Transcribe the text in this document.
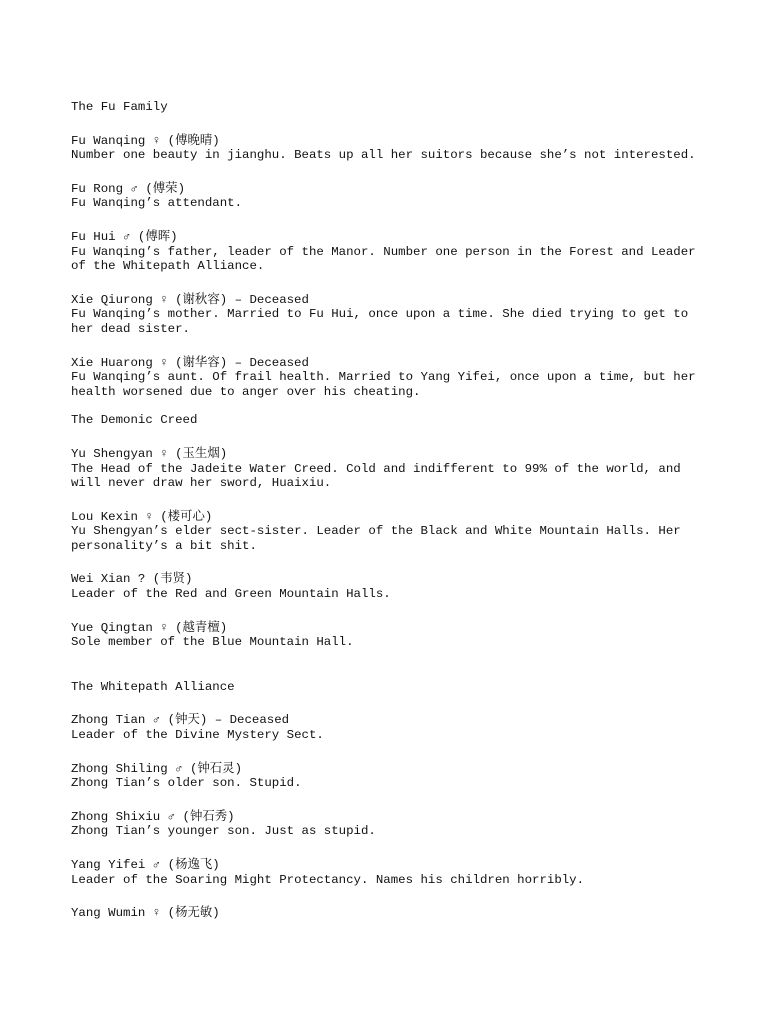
The Fu Family
Fu Wanqing ♀ (傅晚晴)
Number one beauty in jianghu. Beats up all her suitors because she’s not interested.
Fu Rong ♂ (傅荣)
Fu Wanqing’s attendant.
Fu Hui ♂ (傅晖)
Fu Wanqing’s father, leader of the Manor. Number one person in the Forest and Leader of the Whitepath Alliance.
Xie Qiurong ♀ (谢秋容) – Deceased
Fu Wanqing’s mother. Married to Fu Hui, once upon a time. She died trying to get to her dead sister.
Xie Huarong ♀ (谢华容) – Deceased
Fu Wanqing’s aunt. Of frail health. Married to Yang Yifei, once upon a time, but her health worsened due to anger over his cheating.
The Demonic Creed
Yu Shengyan ♀ (玉生烟)
The Head of the Jadeite Water Creed. Cold and indifferent to 99% of the world, and will never draw her sword, Huaixiu.
Lou Kexin ♀ (楼可心)
Yu Shengyan’s elder sect-sister. Leader of the Black and White Mountain Halls. Her personality’s a bit shit.
Wei Xian ? (韦贤)
Leader of the Red and Green Mountain Halls.
Yue Qingtan ♀ (越青檀)
Sole member of the Blue Mountain Hall.
The Whitepath Alliance
Zhong Tian ♂ (钟天) – Deceased
Leader of the Divine Mystery Sect.
Zhong Shiling ♂ (钟石灵)
Zhong Tian’s older son. Stupid.
Zhong Shixiu ♂ (钟石秀)
Zhong Tian’s younger son. Just as stupid.
Yang Yifei ♂ (杨逸飞)
Leader of the Soaring Might Protectancy. Names his children horribly.
Yang Wumin ♀ (杨无敏)
